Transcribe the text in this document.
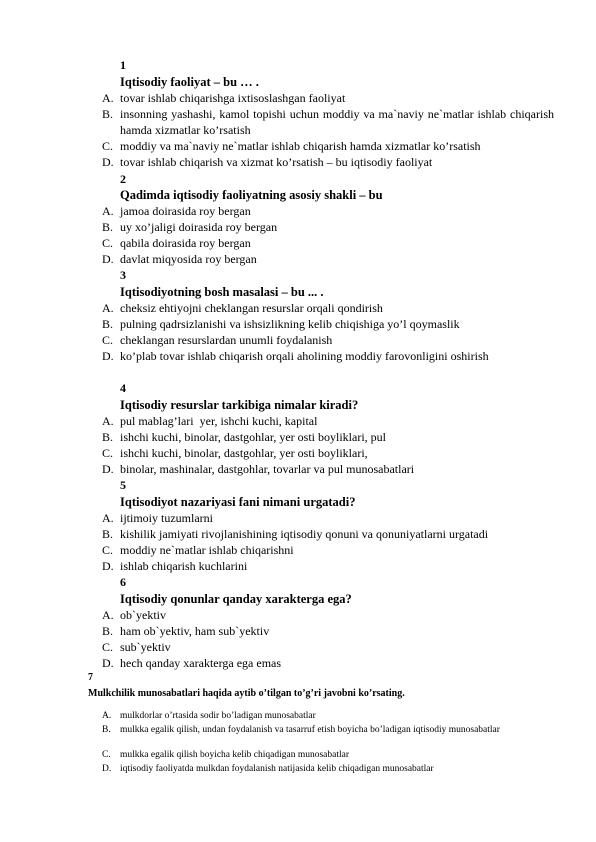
1
Iqtisodiy faoliyat – bu … .
A. tovar ishlab chiqarishga ixtisoslashgan faoliyat
B. insonning yashashi, kamol topishi uchun moddiy va ma`naviy ne`matlar ishlab chiqarish hamda xizmatlar ko’rsatish
C. moddiy va ma`naviy ne`matlar ishlab chiqarish hamda xizmatlar ko’rsatish
D. tovar ishlab chiqarish va xizmat ko’rsatish – bu iqtisodiy faoliyat
2
Qadimda iqtisodiy faoliyatning asosiy shakli – bu
A. jamoa doirasida roy bergan
B. uy xo’jaligi doirasida roy bergan
C. qabila doirasida roy bergan
D. davlat miqyosida roy bergan
3
Iqtisodiyotning bosh masalasi – bu ... .
A. cheksiz ehtiyojni cheklangan resurslar orqali qondirish
B. pulning qadrsizlanishi va ishsizlikning kelib chiqishiga yo’l qoymaslik
C. cheklangan resurslardan unumli foydalanish
D. ko’plab tovar ishlab chiqarish orqali aholining moddiy farovonligini oshirish
4
Iqtisodiy resurslar tarkibiga nimalar kiradi?
A. pul mablag’lari  yer, ishchi kuchi, kapital
B. ishchi kuchi, binolar, dastgohlar, yer osti boyliklari, pul
C. ishchi kuchi, binolar, dastgohlar, yer osti boyliklari,
D. binolar, mashinalar, dastgohlar, tovarlar va pul munosabatlari
5
Iqtisodiyot nazariyasi fani nimani urgatadi?
A. ijtimoiy tuzumlarni
B. kishilik jamiyati rivojlanishining iqtisodiy qonuni va qonuniyatlarni urgatadi
C. moddiy ne`matlar ishlab chiqarishni
D. ishlab chiqarish kuchlarini
6
Iqtisodiy qonunlar qanday xarakterga ega?
A. ob`yektiv
B. ham ob`yektiv, ham sub`yektiv
C. sub`yektiv
D. hech qanday xarakterga ega emas
7
Mulkchilik munosabatlari haqida aytib o’tilgan to’g’ri javobni ko’rsating.
A. mulkdorlar o’rtasida sodir bo’ladigan munosabatlar
B. mulkka egalik qilish, undan foydalanish va tasarruf etish boyicha bo’ladigan iqtisodiy munosabatlar
C. mulkka egalik qilish boyicha kelib chiqadigan munosabatlar
D. iqtisodiy faoliyatda mulkdan foydalanish natijasida kelib chiqadigan munosabatlar
